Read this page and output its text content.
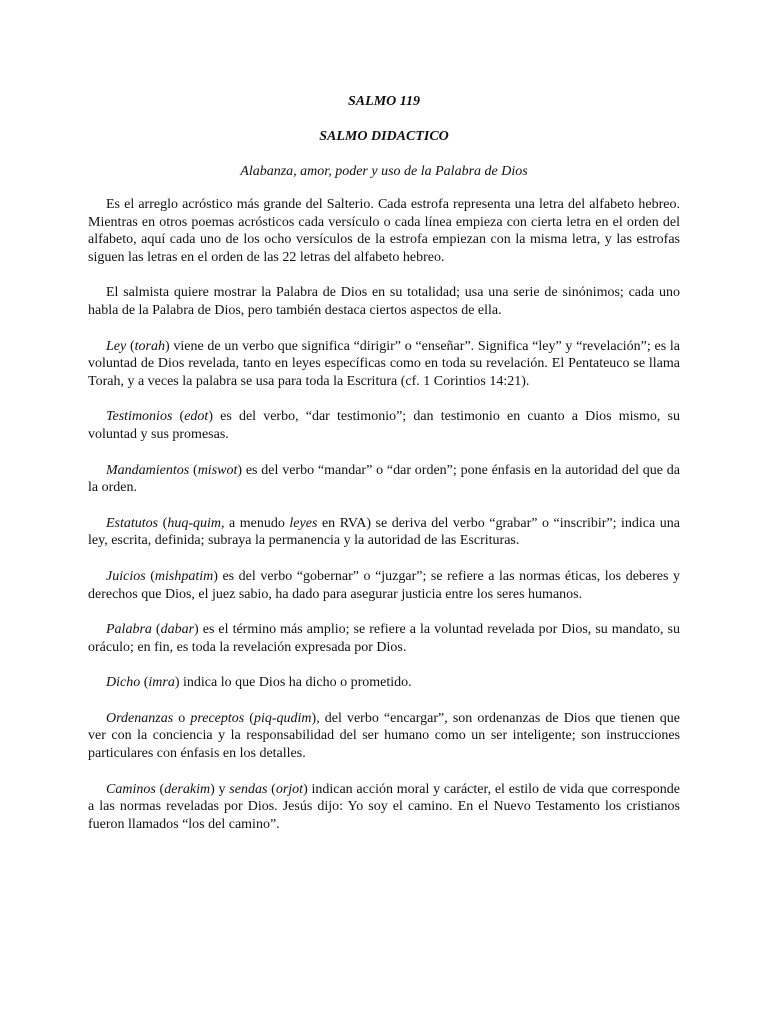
SALMO 119
SALMO DIDACTICO

Alabanza, amor, poder y uso de la Palabra de Dios

Es el arreglo acróstico más grande del Salterio. Cada estrofa representa una letra del alfabeto hebreo. Mientras en otros poemas acrósticos cada versículo o cada línea empieza con cierta letra en el orden del alfabeto, aquí cada uno de los ocho versículos de la estrofa empiezan con la misma letra, y las estrofas siguen las letras en el orden de las 22 letras del alfabeto hebreo.

El salmista quiere mostrar la Palabra de Dios en su totalidad; usa una serie de sinónimos; cada uno habla de la Palabra de Dios, pero también destaca ciertos aspectos de ella.

Ley (torah) viene de un verbo que significa “dirigir” o “enseñar”. Significa “ley” y “revelación”; es la voluntad de Dios revelada, tanto en leyes específicas como en toda su revelación. El Pentateuco se llama Torah, y a veces la palabra se usa para toda la Escritura (cf. 1 Corintios 14:21).

Testimonios (edot) es del verbo, “dar testimonio”; dan testimonio en cuanto a Dios mismo, su voluntad y sus promesas.

Mandamientos (miswot) es del verbo “mandar” o “dar orden”; pone énfasis en la autoridad del que da la orden.

Estatutos (huq-quim, a menudo leyes en RVA) se deriva del verbo “grabar” o “inscribir”; indica una ley, escrita, definida; subraya la permanencia y la autoridad de las Escrituras.

Juicios (mishpatim) es del verbo “gobernar” o “juzgar”; se refiere a las normas éticas, los deberes y derechos que Dios, el juez sabio, ha dado para asegurar justicia entre los seres humanos.

Palabra (dabar) es el término más amplio; se refiere a la voluntad revelada por Dios, su mandato, su oráculo; en fin, es toda la revelación expresada por Dios.

Dicho (imra) indica lo que Dios ha dicho o prometido.

Ordenanzas o preceptos (piq-qudim), del verbo “encargar”, son ordenanzas de Dios que tienen que ver con la conciencia y la responsabilidad del ser humano como un ser inteligente; son instrucciones particulares con énfasis en los detalles.

Caminos (derakim) y sendas (orjot) indican acción moral y carácter, el estilo de vida que corresponde a las normas reveladas por Dios. Jesús dijo: Yo soy el camino. En el Nuevo Testamento los cristianos fueron llamados “los del camino”.
